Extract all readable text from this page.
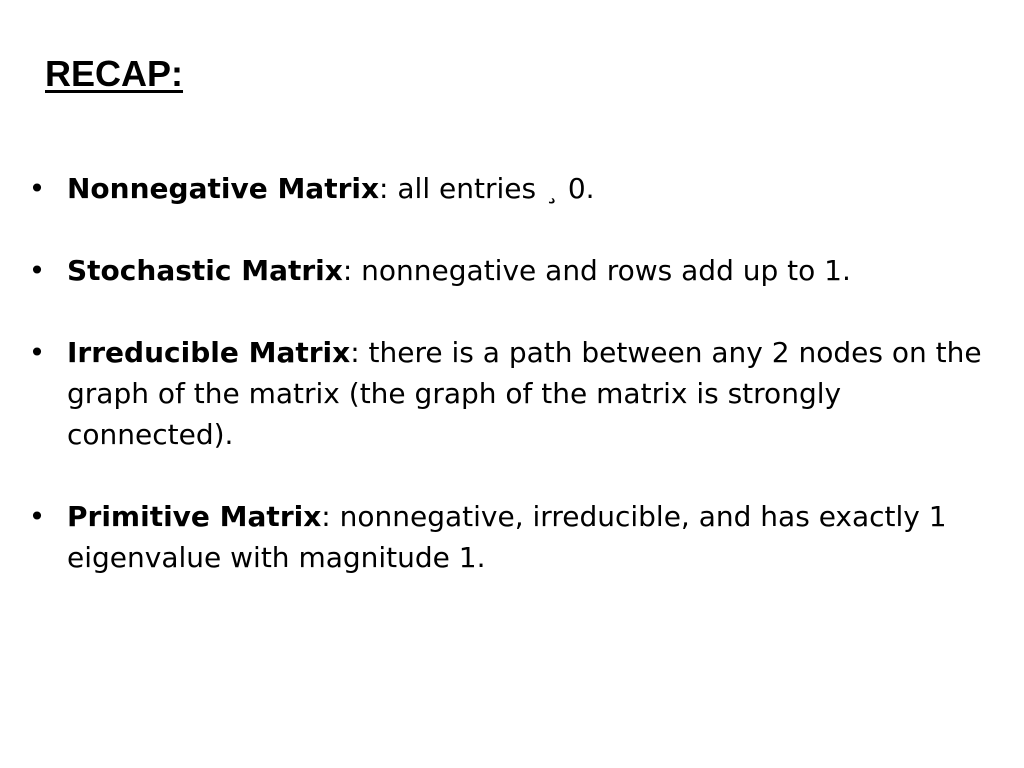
RECAP:
• Nonnegative Matrix: all entries ¸ 0.
• Stochastic Matrix: nonnegative and rows add up to 1.
• Irreducible Matrix: there is a path between any 2 nodes on the graph of the matrix (the graph of the matrix is strongly connected).
• Primitive Matrix: nonnegative, irreducible, and has exactly 1 eigenvalue with magnitude 1.
